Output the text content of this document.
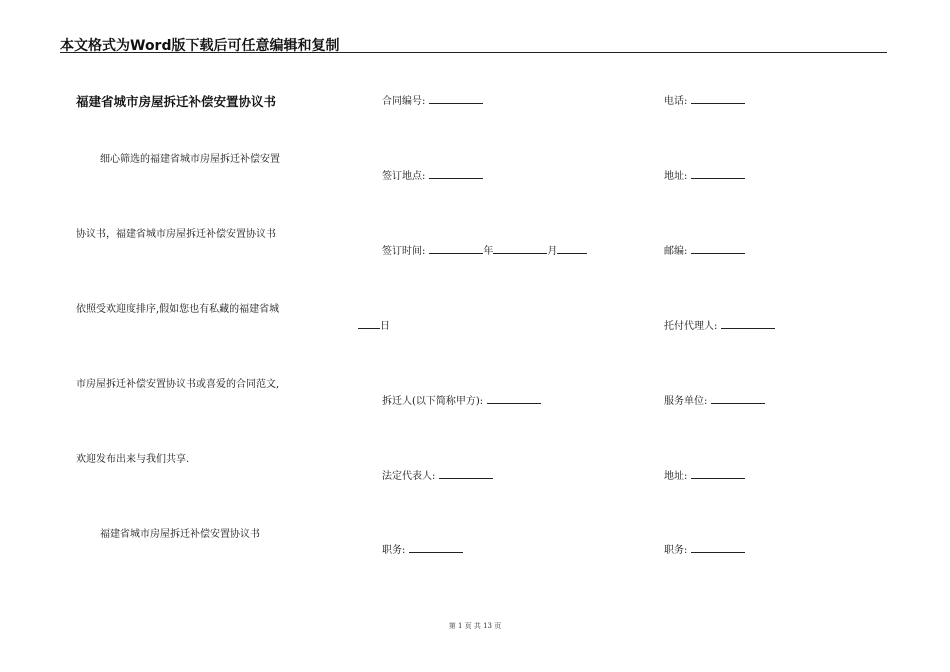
本文格式为Word版下载后可任意编辑和复制
福建省城市房屋拆迁补偿安置协议书
细心筛选的福建省城市房屋拆迁补偿安置
协议书，福建省城市房屋拆迁补偿安置协议书
依照受欢迎度排序,假如您也有私藏的福建省城
市房屋拆迁补偿安置协议书或喜爱的合同范文,
欢迎发布出来与我们共享.
福建省城市房屋拆迁补偿安置协议书
合同编号:
签订地点:
签订时间:	年	月
日
拆迁人(以下简称甲方):
法定代表人:
职务:
电话:
地址:
邮编:
托付代理人:
服务单位:
地址:
职务:
第 1 页 共 13 页
